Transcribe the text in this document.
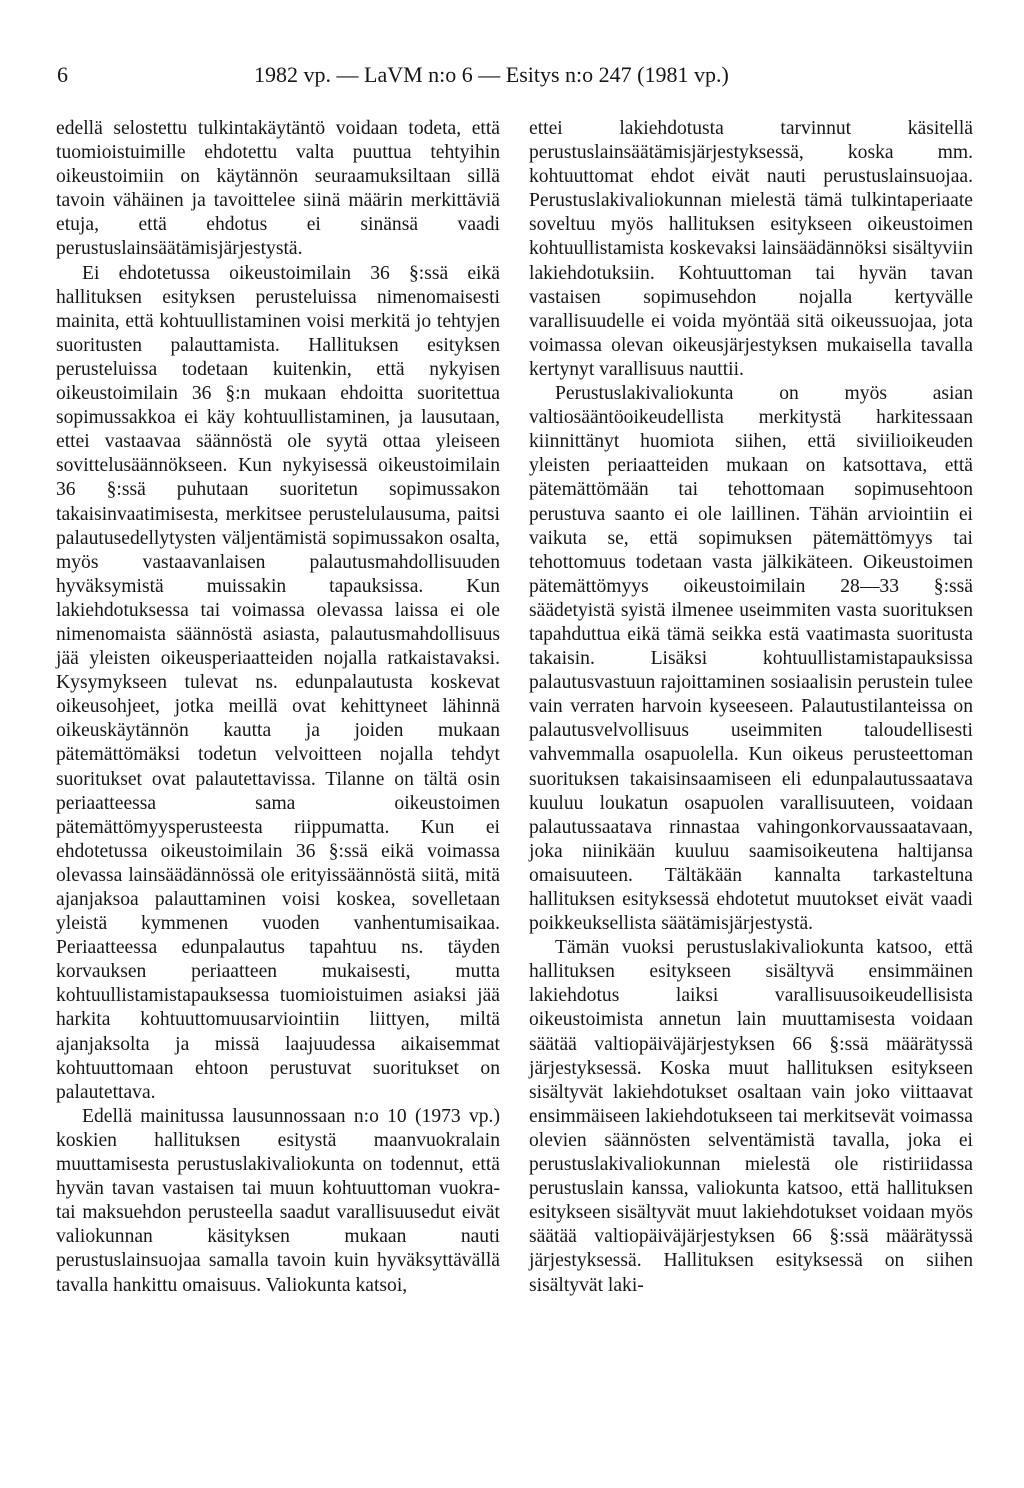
6	1982 vp. — LaVM n:o 6 — Esitys n:o 247 (1981 vp.)

edellä selostettu tulkintakäytäntö voidaan todeta, että tuomioistuimille ehdotettu valta puuttua tehtyihin oikeustoimiin on käytännön seuraamuksiltaan sillä tavoin vähäinen ja tavoittelee siinä määrin merkittäviä etuja, että ehdotus ei sinänsä vaadi perustuslainsäätämisjärjestystä.

Ei ehdotetussa oikeustoimilain 36 §:ssä eikä hallituksen esityksen perusteluissa nimenomaisesti mainita, että kohtuullistaminen voisi merkitä jo tehtyjen suoritusten palauttamista. Hallituksen esityksen perusteluissa todetaan kuitenkin, että nykyisen oikeustoimilain 36 §:n mukaan ehdoitta suoritettua sopimussakkoa ei käy kohtuullistaminen, ja lausutaan, ettei vastaavaa säännöstä ole syytä ottaa yleiseen sovittelusäännökseen. Kun nykyisessä oikeustoimilain 36 §:ssä puhutaan suoritetun sopimussakon takaisinvaatimisesta, merkitsee perustelulausuma, paitsi palautusedellytysten väljentämistä sopimussakon osalta, myös vastaavanlaisen palautusmahdollisuuden hyväksymistä muissakin tapauksissa. Kun lakiehdotuksessa tai voimassa olevassa laissa ei ole nimenomaista säännöstä asiasta, palautusmahdollisuus jää yleisten oikeusperiaatteiden nojalla ratkaistavaksi. Kysymykseen tulevat ns. edunpalautusta koskevat oikeusohjeet, jotka meillä ovat kehittyneet lähinnä oikeuskäytännön kautta ja joiden mukaan pätemättömäksi todetun velvoitteen nojalla tehdyt suoritukset ovat palautettavissa. Tilanne on tältä osin periaatteessa sama oikeustoimen pätemättömyysperusteesta riippumatta. Kun ei ehdotetussa oikeustoimilain 36 §:ssä eikä voimassa olevassa lainsäädännössä ole erityissäännöstä siitä, mitä ajanjaksoa palauttaminen voisi koskea, sovelletaan yleistä kymmenen vuoden vanhentumisaikaa. Periaatteessa edunpalautus tapahtuu ns. täyden korvauksen periaatteen mukaisesti, mutta kohtuullistamistapauksessa tuomioistuimen asiaksi jää harkita kohtuuttomuusarviointiin liittyen, miltä ajanjaksolta ja missä laajuudessa aikaisemmat kohtuuttomaan ehtoon perustuvat suoritukset on palautettava.

Edellä mainitussa lausunnossaan n:o 10 (1973 vp.) koskien hallituksen esitystä maanvuokralain muuttamisesta perustuslakivaliokunta on todennut, että hyvän tavan vastaisen tai muun kohtuuttoman vuokra- tai maksuehdon perusteella saadut varallisuusedut eivät valiokunnan käsityksen mukaan nauti perustuslainsuojaa samalla tavoin kuin hyväksyttävällä tavalla hankittu omaisuus. Valiokunta katsoi,

ettei lakiehdotusta tarvinnut käsitellä perustuslainsäätämisjärjestyksessä, koska mm. kohtuuttomat ehdot eivät nauti perustuslainsuojaa. Perustuslakivaliokunnan mielestä tämä tulkintaperiaate soveltuu myös hallituksen esitykseen oikeustoimen kohtuullistamista koskevaksi lainsäädännöksi sisältyviin lakiehdotuksiin. Kohtuuttoman tai hyvän tavan vastaisen sopimusehdon nojalla kertyvälle varallisuudelle ei voida myöntää sitä oikeussuojaa, jota voimassa olevan oikeusjärjestyksen mukaisella tavalla kertynyt varallisuus nauttii.

Perustuslakivaliokunta on myös asian valtiosääntöoikeudellista merkitystä harkitessaan kiinnittänyt huomiota siihen, että siviilioikeuden yleisten periaatteiden mukaan on katsottava, että pätemättömään tai tehottomaan sopimusehtoon perustuva saanto ei ole laillinen. Tähän arviointiin ei vaikuta se, että sopimuksen pätemättömyys tai tehottomuus todetaan vasta jälkikäteen. Oikeustoimen pätemättömyys oikeustoimilain 28—33 §:ssä säädetyistä syistä ilmenee useimmiten vasta suorituksen tapahduttua eikä tämä seikka estä vaatimasta suoritusta takaisin. Lisäksi kohtuullistamistapauksissa palautusvastuun rajoittaminen sosiaalisin perustein tulee vain verraten harvoin kyseeseen. Palautustilanteissa on palautusvelvollisuus useimmiten taloudellisesti vahvemmalla osapuolella. Kun oikeus perusteettoman suorituksen takaisinsaamiseen eli edunpalautussaatava kuuluu loukatun osapuolen varallisuuteen, voidaan palautussaatava rinnastaa vahingonkorvaussaatavaan, joka niinikään kuuluu saamisoikeutena haltijansa omaisuuteen. Tältäkään kannalta tarkasteltuna hallituksen esityksessä ehdotetut muutokset eivät vaadi poikkeuksellista säätämisjärjestystä.

Tämän vuoksi perustuslakivaliokunta katsoo, että hallituksen esitykseen sisältyvä ensimmäinen lakiehdotus laiksi varallisuusoikeudellisista oikeustoimista annetun lain muuttamisesta voidaan säätää valtiopäiväjärjestyksen 66 §:ssä määrätyssä järjestyksessä. Koska muut hallituksen esitykseen sisältyvät lakiehdotukset osaltaan vain joko viittaavat ensimmäiseen lakiehdotukseen tai merkitsevät voimassa olevien säännösten selventämistä tavalla, joka ei perustuslakivaliokunnan mielestä ole ristiriidassa perustuslain kanssa, valiokunta katsoo, että hallituksen esitykseen sisältyvät muut lakiehdotukset voidaan myös säätää valtiopäiväjärjestyksen 66 §:ssä määrätyssä järjestyksessä. Hallituksen esityksessä on siihen sisältyvät laki-
